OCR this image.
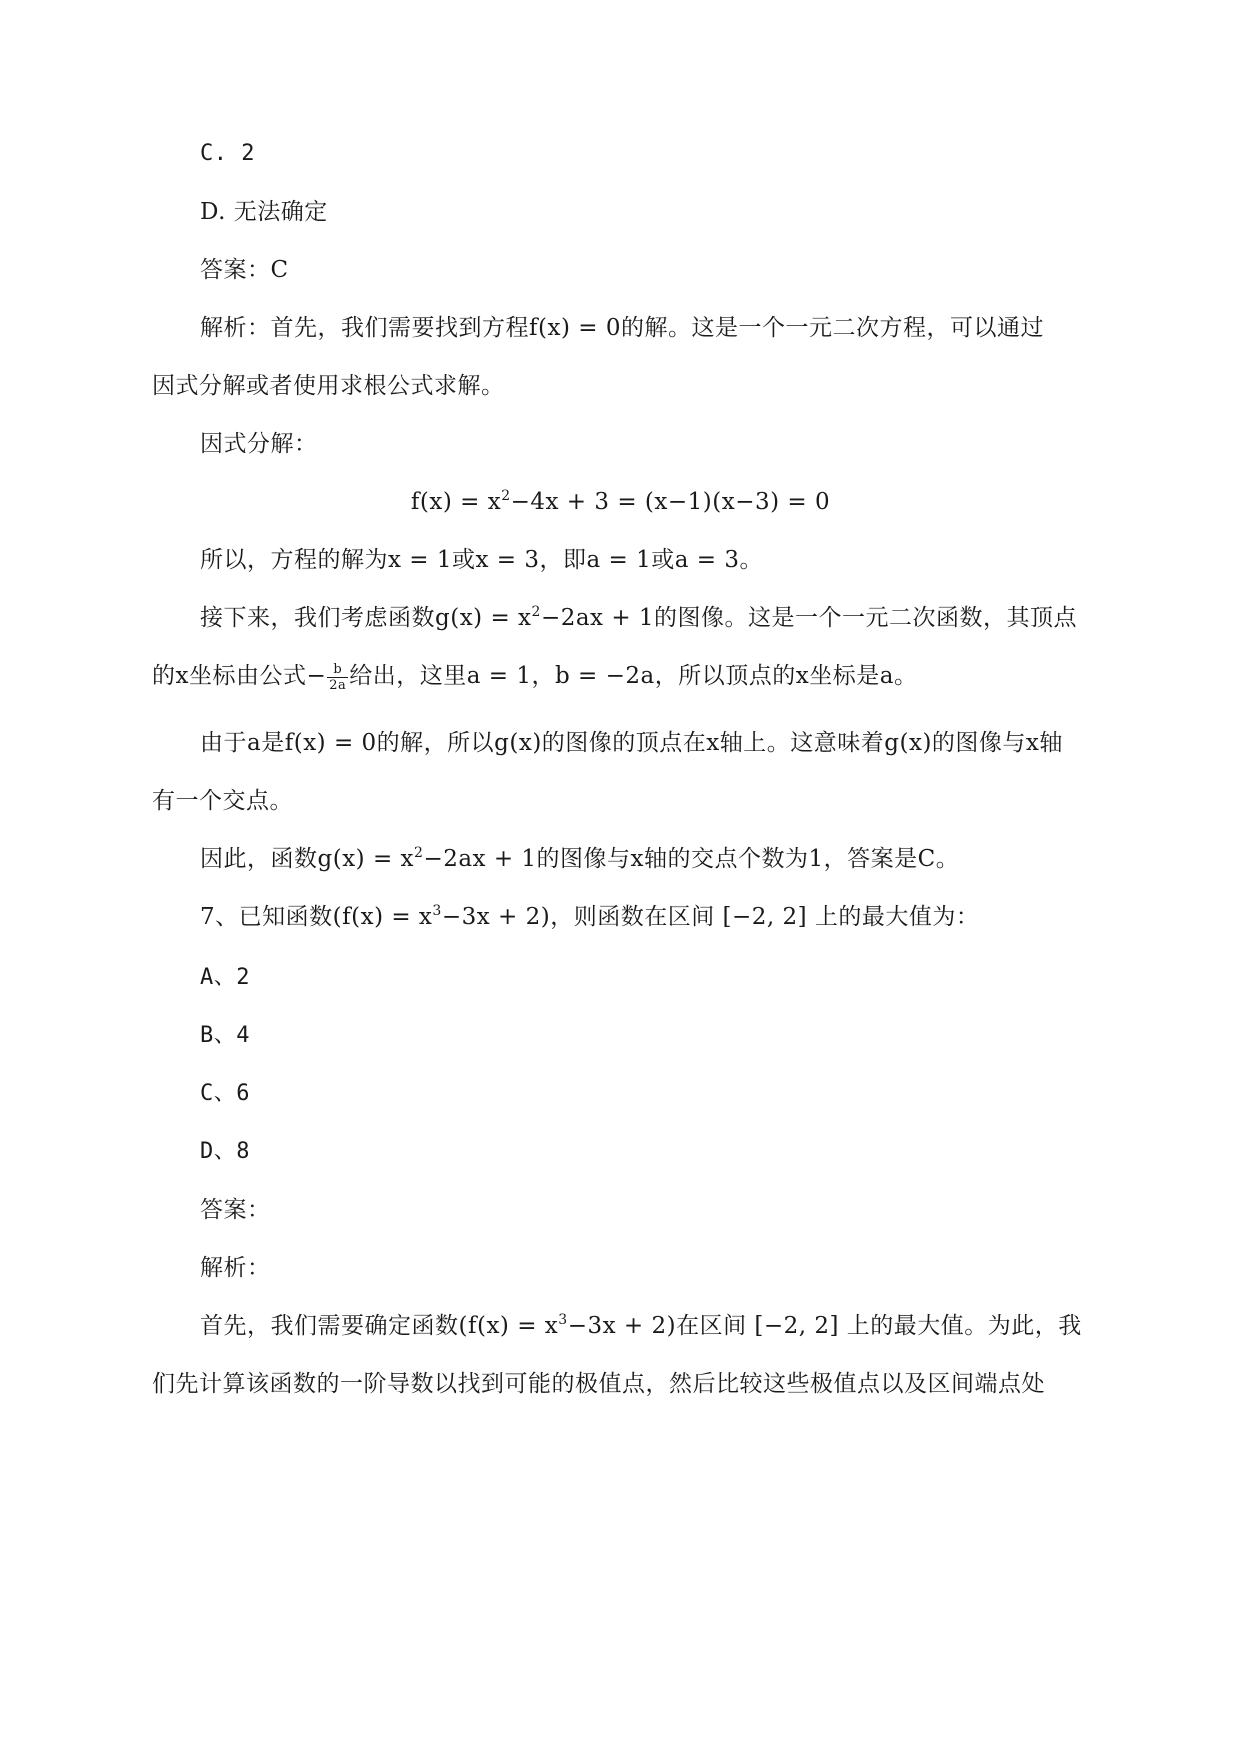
C. 2
D. 无法确定
答案：C
解析：首先，我们需要找到方程f(x) = 0的解。这是一个一元二次方程，可以通过
因式分解或者使用求根公式求解。
因式分解：
$f(x) = x^2-4x + 3 = (x-1)(x-3) = 0$
所以，方程的解为x = 1或x = 3，即a = 1或a = 3。
接下来，我们考虑函数$g(x) = x^2-2ax + 1$的图像。这是一个一元二次函数，其顶点
的x坐标由公式− $\frac{b}{2a}$ 给出，这里a = 1，b = −2a，所以顶点的x坐标是a。
由于a是f(x) = 0的解，所以g(x)的图像的顶点在x轴上。这意味着g(x)的图像与x轴
有一个交点。
因此，函数$g(x) = x^2-2ax + 1$的图像与x轴的交点个数为1，答案是C。
7、已知函数$(f(x) = x^3-3x + 2)$，则函数在区间 [−2, 2] 上的最大值为：
A、2
B、4
C、6
D、8
答案：
解析：
首先，我们需要确定函数$(f(x) = x^3-3x + 2)$在区间 [−2, 2] 上的最大值。为此，我
们先计算该函数的一阶导数以找到可能的极值点，然后比较这些极值点以及区间端点处
